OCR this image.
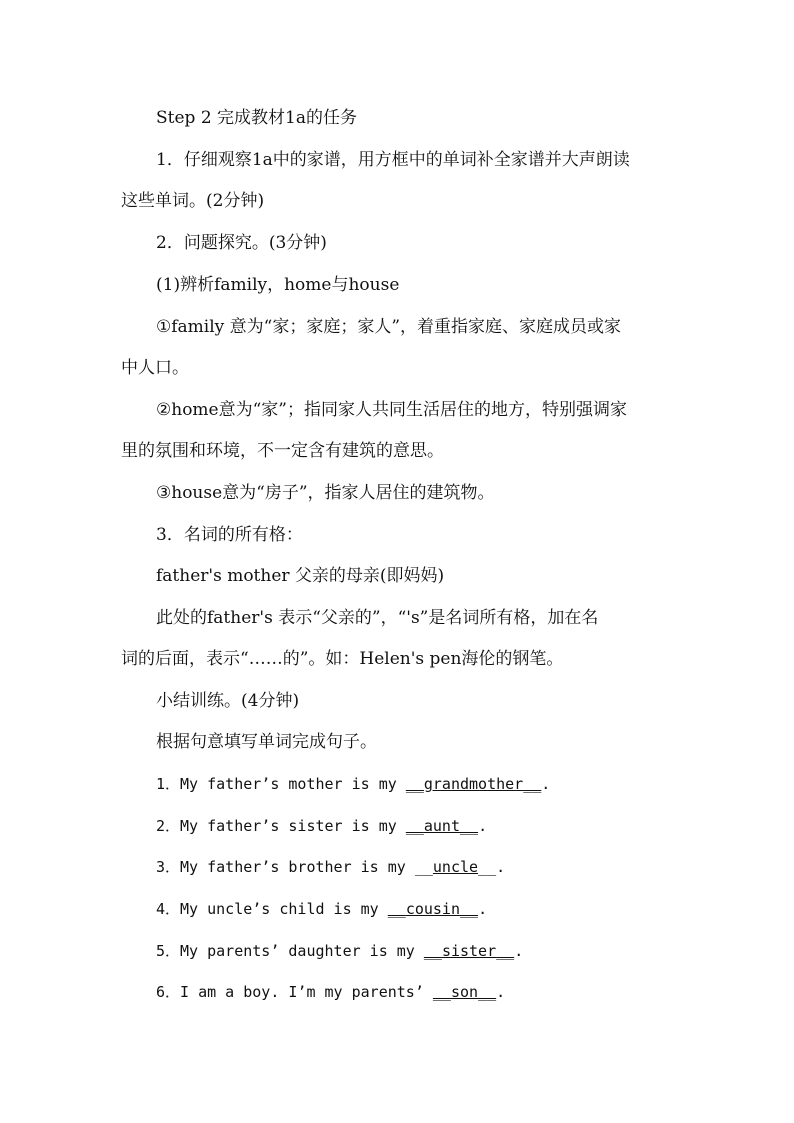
Step 2 完成教材1a的任务
1．仔细观察1a中的家谱，用方框中的单词补全家谱并大声朗读
这些单词。(2分钟)
2．问题探究。(3分钟)
(1)辨析family，home与house
①family 意为“家；家庭；家人”，着重指家庭、家庭成员或家
中人口。
②home意为“家”；指同家人共同生活居住的地方，特别强调家
里的氛围和环境，不一定含有建筑的意思。
③house意为“房子”，指家人居住的建筑物。
3．名词的所有格：
father's mother 父亲的母亲(即妈妈)
此处的father's 表示“父亲的”，“'s”是名词所有格，加在名
词的后面，表示“……的”。如：Helen's pen海伦的钢笔。
小结训练。(4分钟)
根据句意填写单词完成句子。
1．My father’s mother is my __grandmother__.
2．My father’s sister is my __aunt__.
3．My father’s brother is my __uncle__.
4．My uncle’s child is my __cousin__.
5．My parents’ daughter is my __sister__.
6．I am a boy. I’m my parents’ __son__.
